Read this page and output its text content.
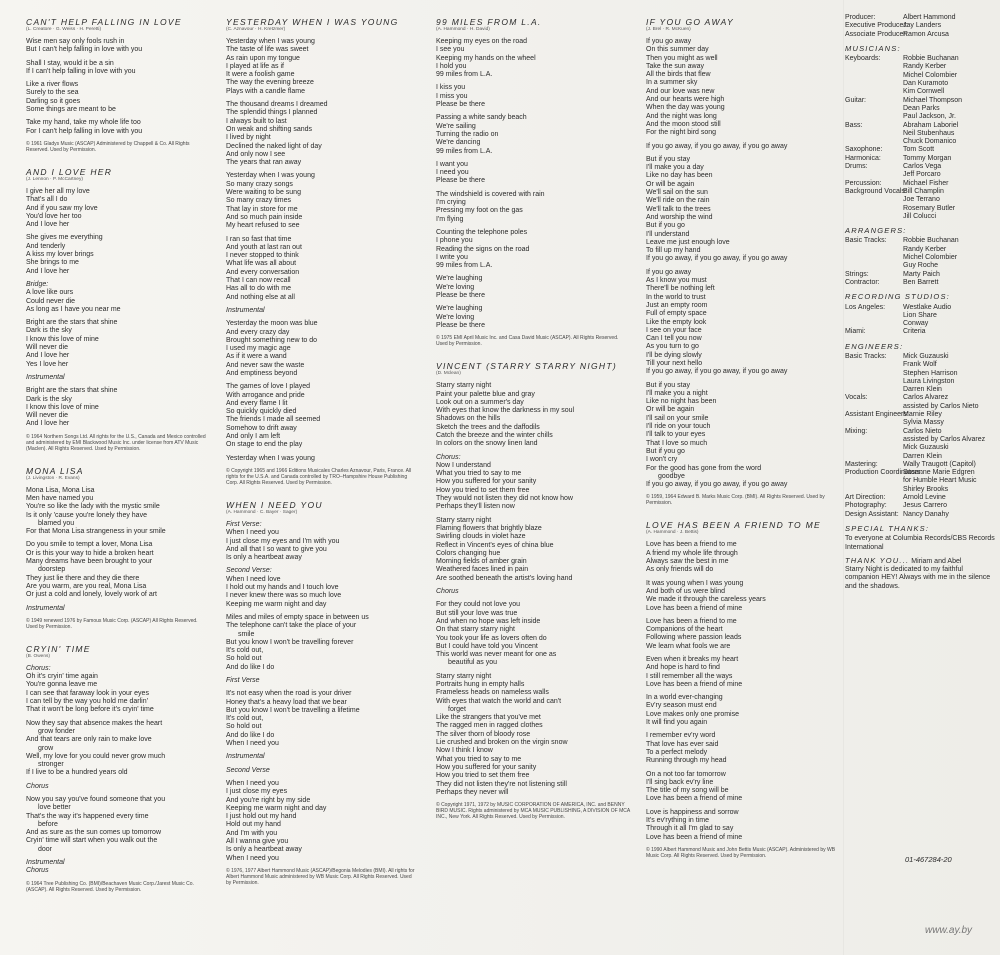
CAN'T HELP FALLING IN LOVE
(L. Creatore · G. Weiss · H. Peretti)
Wise men say only fools rush in
But I can't help falling in love with you
Shall I stay, would it be a sin
If I can't help falling in love with you
Like a river flows
Surely to the sea
Darling so it goes
Some things are meant to be
Take my hand, take my whole life too
For I can't help falling in love with you
© 1961 Gladys Music (ASCAP) Administered by Chappell & Co. All Rights Reserved. Used by Permission.
AND I LOVE HER
(J. Lennon · P. McCartney)
I give her all my love
That's all I do
And if you saw my love
You'd love her too
And I love her
She gives me everything
And tenderly
A kiss my lover brings
She brings to me
And I love her
Bridge:
A love like ours
Could never die
As long as I have you near me
Bright are the stars that shine
Dark is the sky
I know this love of mine
Will never die
And I love her
Yes I love her
Instrumental
Bright are the stars that shine
Dark is the sky
I know this love of mine
Will never die
And I love her
© 1964 Northern Songs Ltd. All rights for the U.S., Canada and Mexico controlled and administered by EMI Blackwood Music Inc. under license from ATV Music (Maclen). All Rights Reserved. Used by Permission.
MONA LISA
(J. Livingston · R. Evans)
Mona Lisa, Mona Lisa
Men have named you
You're so like the lady with the mystic smile
Is it only 'cause you're lonely they have
blamed you
For that Mona Lisa strangeness in your smile
Do you smile to tempt a lover, Mona Lisa
Or is this your way to hide a broken heart
Many dreams have been brought to your
doorstep
They just lie there and they die there
Are you warm, are you real, Mona Lisa
Or just a cold and lonely, lovely work of art
Instrumental
© 1949 renewed 1976 by Famous Music Corp. (ASCAP) All Rights Reserved. Used by Permission.
CRYIN' TIME
(B. Owens)
Chorus:
Oh it's cryin' time again
You're gonna leave me
I can see that faraway look in your eyes
I can tell by the way you hold me darlin'
That it won't be long before it's cryin' time
Now they say that absence makes the heart
grow fonder
And that tears are only rain to make love
grow
Well, my love for you could never grow much
stronger
If I live to be a hundred years old
Chorus
Now you say you've found someone that you
love better
That's the way it's happened every time
before
And as sure as the sun comes up tomorrow
Cryin' time will start when you walk out the
door
Instrumental
Chorus
© 1964 Tree Publishing Co. (BMI)/Beachaven Music Corp./Jarest Music Co. (ASCAP). All Rights Reserved. Used by Permission.
YESTERDAY WHEN I WAS YOUNG
(C. Aznavour · H. Kretzmer)
Yesterday when I was young
The taste of life was sweet
As rain upon my tongue
I played at life as if
It were a foolish game
The way the evening breeze
Plays with a candle flame
The thousand dreams I dreamed
The splendid things I planned
I always built to last
On weak and shifting sands
I lived by night
Declined the naked light of day
And only now I see
The years that ran away
Yesterday when I was young
So many crazy songs
Were waiting to be sung
So many crazy times
That lay in store for me
And so much pain inside
My heart refused to see
I ran so fast that time
And youth at last ran out
I never stopped to think
What life was all about
And every conversation
That I can now recall
Has all to do with me
And nothing else at all
Instrumental
Yesterday the moon was blue
And every crazy day
Brought something new to do
I used my magic age
As if it were a wand
And never saw the waste
And emptiness beyond
The games of love I played
With arrogance and pride
And every flame I lit
So quickly quickly died
The friends I made all seemed
Somehow to drift away
And only I am left
On stage to end the play
Yesterday when I was young
© Copyright 1965 and 1966 Editions Musicales Charles Aznavour, Paris, France. All rights for the U.S.A. and Canada controlled by TRO–Hampshire House Publishing Corp. All Rights Reserved. Used by Permission.
WHEN I NEED YOU
(A. Hammond · C. Bayer · Sager)
First Verse:
When I need you
I just close my eyes and I'm with you
And all that I so want to give you
Is only a heartbeat away
Second Verse:
When I need love
I hold out my hands and I touch love
I never knew there was so much love
Keeping me warm night and day
Miles and miles of empty space in between us
The telephone can't take the place of your
smile
But you know I won't be travelling forever
It's cold out,
So hold out
And do like I do
First Verse
It's not easy when the road is your driver
Honey that's a heavy load that we bear
But you know I won't be travelling a lifetime
It's cold out,
So hold out
And do like I do
When I need you
Instrumental
Second Verse
When I need you
I just close my eyes
And you're right by my side
Keeping me warm night and day
I just hold out my hand
Hold out my hand
And I'm with you
All I wanna give you
Is only a heartbeat away
When I need you
© 1976, 1977 Albert Hammond Music (ASCAP)/Begonia Melodies (BMI). All rights for Albert Hammond Music administered by WB Music Corp. All Rights Reserved. Used by Permission.
99 MILES FROM L.A.
(A. Hammond · H. David)
Keeping my eyes on the road
I see you
Keeping my hands on the wheel
I hold you
99 miles from L.A.
I kiss you
I miss you
Please be there
Passing a white sandy beach
We're sailing
Turning the radio on
We're dancing
99 miles from L.A.
I want you
I need you
Please be there
The windshield is covered with rain
I'm crying
Pressing my foot on the gas
I'm flying
Counting the telephone poles
I phone you
Reading the signs on the road
I write you
99 miles from L.A.
We're laughing
We're loving
Please be there
We're laughing
We're loving
Please be there
© 1975 EMI April Music Inc. and Casa David Music (ASCAP). All Rights Reserved. Used by Permission.
VINCENT (STARRY STARRY NIGHT)
(D. Mclean)
Starry starry night
Paint your palette blue and gray
Look out on a summer's day
With eyes that know the darkness in my soul
Shadows on the hills
Sketch the trees and the daffodils
Catch the breeze and the winter chills
In colors on the snowy linen land
Chorus:
Now I understand
What you tried to say to me
How you suffered for your sanity
How you tried to set them free
They would not listen they did not know how
Perhaps they'll listen now
Starry starry night
Flaming flowers that brightly blaze
Swirling clouds in violet haze
Reflect in Vincent's eyes of china blue
Colors changing hue
Morning fields of amber grain
Weathered faces lined in pain
Are soothed beneath the artist's loving hand
Chorus
For they could not love you
But still your love was true
And when no hope was left inside
On that starry starry night
You took your life as lovers often do
But I could have told you Vincent
This world was never meant for one as
beautiful as you
Starry starry night
Portraits hung in empty halls
Frameless heads on nameless walls
With eyes that watch the world and can't
forget
Like the strangers that you've met
The ragged men in ragged clothes
The silver thorn of bloody rose
Lie crushed and broken on the virgin snow
Now I think I know
What you tried to say to me
How you suffered for your sanity
How you tried to set them free
They did not listen they're not listening still
Perhaps they never will
© Copyright 1971, 1972 by MUSIC CORPORATION OF AMERICA, INC. and BENNY BIRD MUSIC. Rights administered by MCA MUSIC PUBLISHING, A DIVISION OF MCA INC., New York. All Rights Reserved. Used by Permission.
IF YOU GO AWAY
(J. Brel · R. McKuen)
If you go away
On this summer day
Then you might as well
Take the sun away
All the birds that flew
In a summer sky
And our love was new
And our hearts were high
When the day was young
And the night was long
And the moon stood still
For the night bird song
If you go away, if you go away, if you go away
But if you stay
I'll make you a day
Like no day has been
Or will be again
We'll sail on the sun
We'll ride on the rain
We'll talk to the trees
And worship the wind
But if you go
I'll understand
Leave me just enough love
To fill up my hand
If you go away, if you go away, if you go away
If you go away
As I know you must
There'll be nothing left
In the world to trust
Just an empty room
Full of empty space
Like the empty look
I see on your face
Can I tell you now
As you turn to go
I'll be dying slowly
Till your next hello
If you go away, if you go away, if you go away
But if you stay
I'll make you a night
Like no night has been
Or will be again
I'll sail on your smile
I'll ride on your touch
I'll talk to your eyes
That I love so much
But if you go
I won't cry
For the good has gone from the word
goodbye
If you go away, if you go away, if you go away
© 1959, 1964 Edward B. Marks Music Corp. (BMI). All Rights Reserved. Used by Permission.
LOVE HAS BEEN A FRIEND TO ME
(A. Hammond · J. Bettis)
Love has been a friend to me
A friend my whole life through
Always saw the best in me
As only friends will do
It was young when I was young
And both of us were blind
We made it through the careless years
Love has been a friend of mine
Love has been a friend to me
Companions of the heart
Following where passion leads
We learn what fools we are
Even when it breaks my heart
And hope is hard to find
I still remember all the ways
Love has been a friend of mine
In a world ever-changing
Ev'ry season must end
Love makes only one promise
It will find you again
I remember ev'ry word
That love has ever said
To a perfect melody
Running through my head
On a not too far tomorrow
I'll sing back ev'ry line
The title of my song will be
Love has been a friend of mine
Love is happiness and sorrow
It's ev'rything in time
Through it all I'm glad to say
Love has been a friend of mine
© 1990 Albert Hammond Music and John Bettis Music (ASCAP). Administered by WB Music Corp. All Rights Reserved. Used by Permission.
Producer:	Albert Hammond
Executive Producer:
Jay Landers
Associate Producer:
Ramon Arcusa
MUSICIANS:
Keyboards:	Robbie Buchanan
Randy Kerber
Michel Colombier
Dan Kuramoto
Kim Cornwell
Guitar:	Michael Thompson
Dean Parks
Paul Jackson, Jr.
Bass:	Abraham Laboriel
Neil Stubenhaus
Chuck Domanico
Saxophone:	Tom Scott
Harmonica:	Tommy Morgan
Drums:	Carlos Vega
Jeff Porcaro
Percussion:	Michael Fisher
Background Vocals:
Bill Champlin
Joe Terrano
Rosemary Butler
Jill Colucci
ARRANGERS:
Basic Tracks:	Robbie Buchanan
Randy Kerber
Michel Colombier
Guy Roche
Strings:	Marty Paich
Contractor:	Ben Barrett
RECORDING STUDIOS:
Los Angeles:	Westlake Audio
Lion Share
Conway
Miami:	Criteria
ENGINEERS:
Basic Tracks:	Mick Guzauski
Frank Wolf
Stephen Harrison
Laura Livingston
Darren Klein
Vocals:	Carlos Alvarez
assisted by Carlos Nieto
Assistant Engineers:
Marnie Riley
Sylvia Massy
Mixing:	Carlos Nieto
assisted by Carlos Alvarez
Mick Guzauski
Darren Klein
Mastering:	Wally Traugott (Capitol)
Production Coordinators:
Susanne Marie Edgren
for Humble Heart Music
Shirley Brooks
Art Direction:	Arnold Levine
Photography:	Jesus Carrero
Design Assistant: Nancy Danahy
SPECIAL THANKS:
To everyone at Columbia Records/CBS Records International
THANK YOU... Miriam and Abel
Starry Night is dedicated to my faithful companion HEY! Always with me in the silence and the shadows.
01-467284-20
www.ay.by
